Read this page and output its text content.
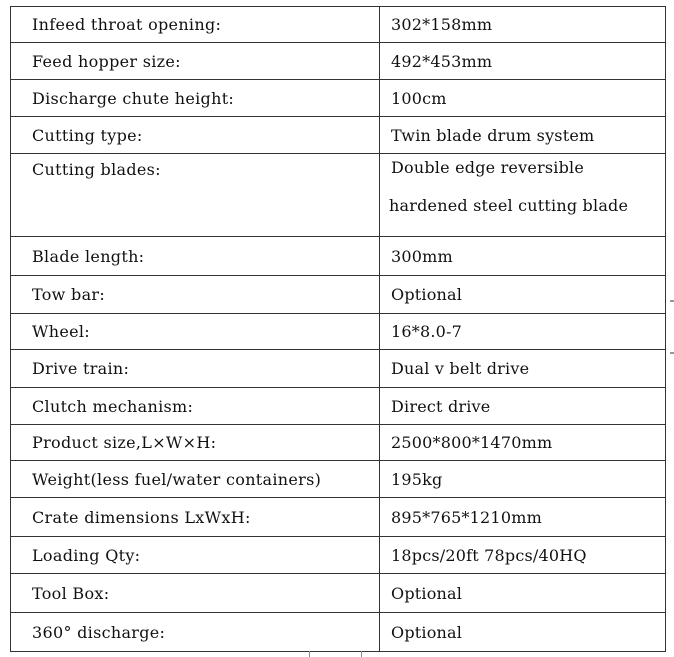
Infeed throat opening:	302*158mm
Feed hopper size:	492*453mm
Discharge chute height:	100cm
Cutting type:	Twin blade drum system
Cutting blades:	Double edge reversible
hardened steel cutting blade

Blade length:	300mm
Tow bar:	Optional
Wheel:	16*8.0-7
Drive train:	Dual v belt drive
Clutch mechanism:	Direct drive
Product size,L×W×H:	2500*800*1470mm
Weight(less fuel/water containers)	195kg
Crate dimensions LxWxH:	895*765*1210mm
Loading Qty:	18pcs/20ft 78pcs/40HQ
Tool Box:	Optional
360° discharge:	Optional
